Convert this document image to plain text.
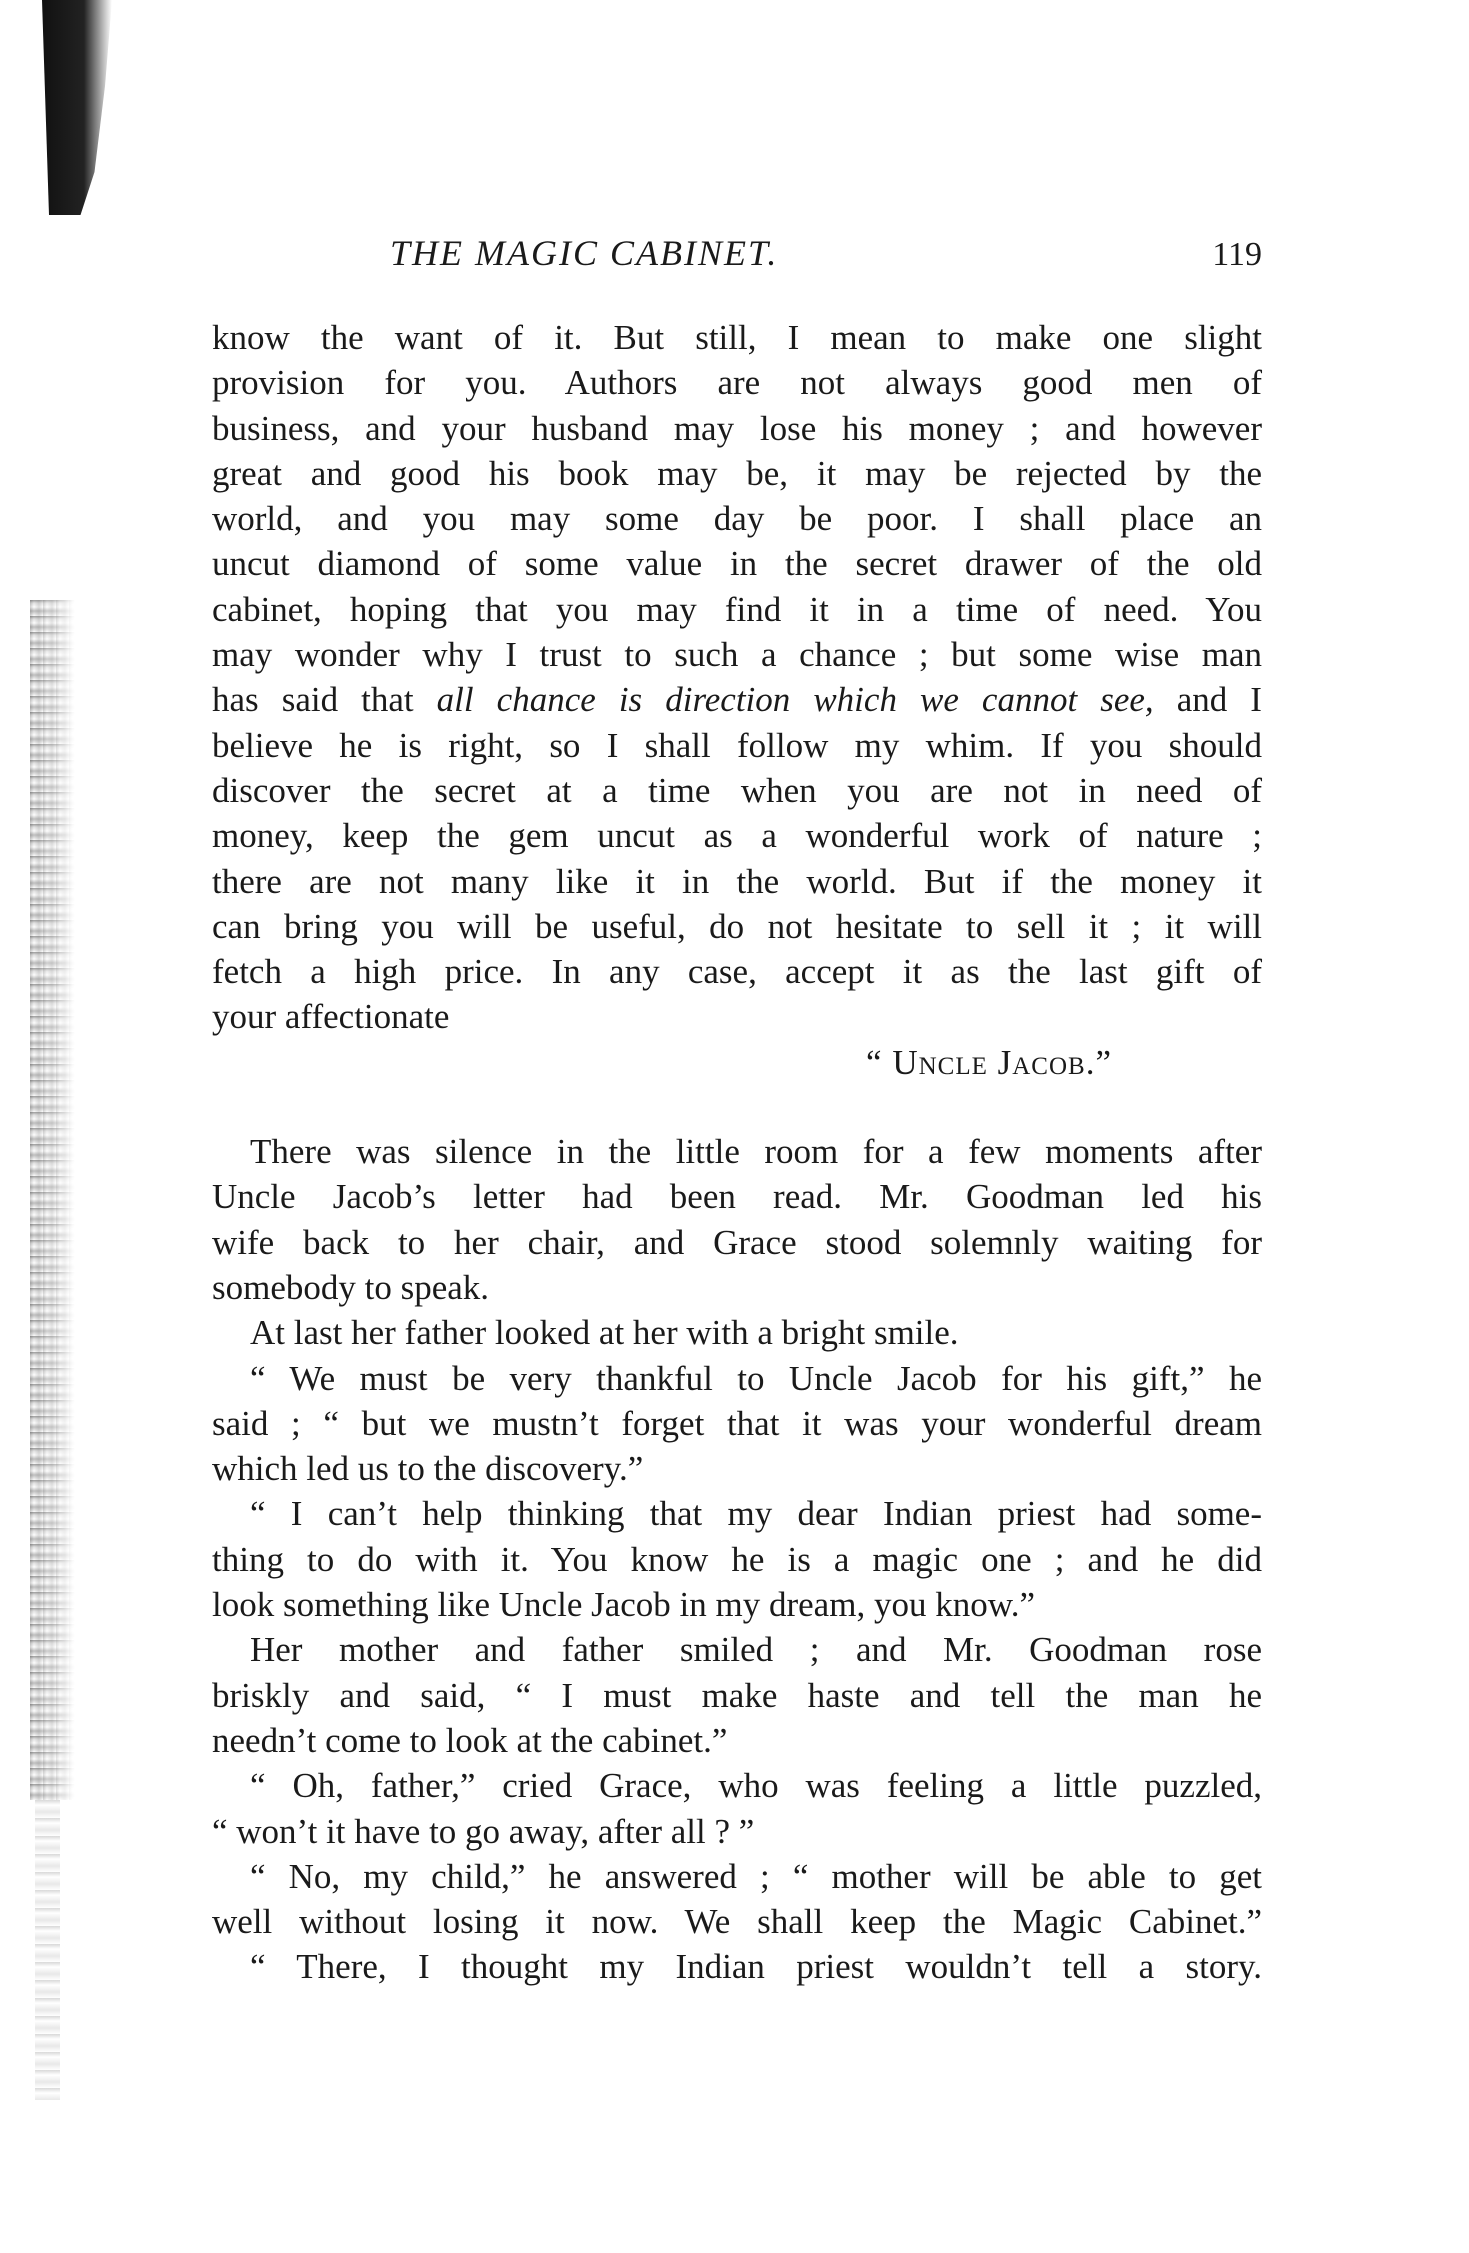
THE MAGIC CABINET.	119
know the want of it. But still, I mean to make one slight
provision for you. Authors are not always good men of
business, and your husband may lose his money ; and however
great and good his book may be, it may be rejected by the
world, and you may some day be poor. I shall place an
uncut diamond of some value in the secret drawer of the old
cabinet, hoping that you may find it in a time of need. You
may wonder why I trust to such a chance ; but some wise man
has said that all chance is direction which we cannot see, and I
believe he is right, so I shall follow my whim. If you should
discover the secret at a time when you are not in need of
money, keep the gem uncut as a wonderful work of nature ;
there are not many like it in the world. But if the money it
can bring you will be useful, do not hesitate to sell it ; it will
fetch a high price. In any case, accept it as the last gift of
your affectionate
“ Uncle Jacob.”
There was silence in the little room for a few moments after
Uncle Jacob’s letter had been read. Mr. Goodman led his
wife back to her chair, and Grace stood solemnly waiting for
somebody to speak.
At last her father looked at her with a bright smile.
“ We must be very thankful to Uncle Jacob for his gift,” he
said ; “ but we mustn’t forget that it was your wonderful dream
which led us to the discovery.”
“ I can’t help thinking that my dear Indian priest had some-
thing to do with it. You know he is a magic one ; and he did
look something like Uncle Jacob in my dream, you know.”
Her mother and father smiled ; and Mr. Goodman rose
briskly and said, “ I must make haste and tell the man he
needn’t come to look at the cabinet.”
“ Oh, father,” cried Grace, who was feeling a little puzzled,
“ won’t it have to go away, after all ? ”
“ No, my child,” he answered ; “ mother will be able to get
well without losing it now. We shall keep the Magic Cabinet.”
“ There, I thought my Indian priest wouldn’t tell a story.
